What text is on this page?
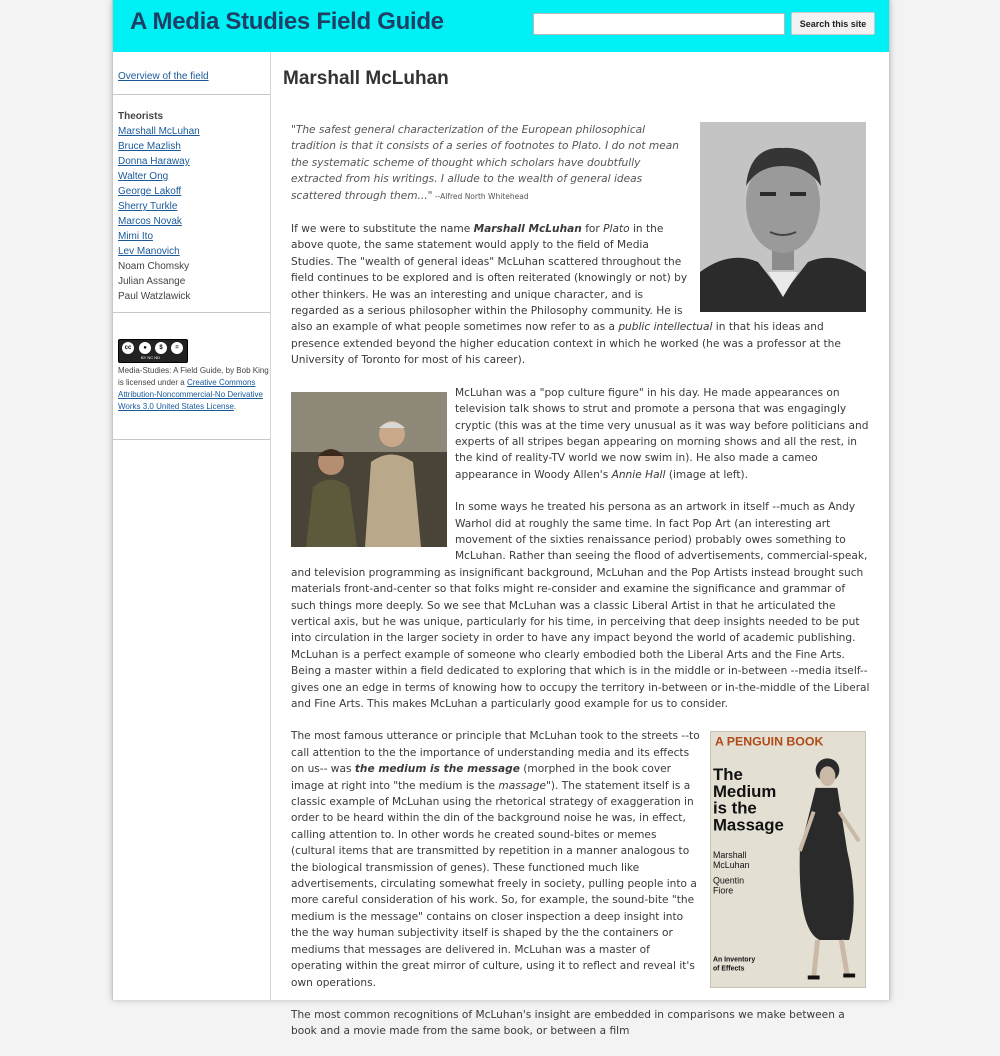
A Media Studies Field Guide	Search this site
Overview of the field
Theorists
Marshall McLuhan
Bruce Mazlish
Donna Haraway
Walter Ong
George Lakoff
Sherry Turkle
Marcos Novak
Mimi Ito
Lev Manovich
Noam Chomsky
Julian Assange
Paul Watzlawick
cc	●	$	=
BY NC ND
Media-Studies: A Field Guide, by Bob King is licensed under a Creative Commons Attribution-Noncommercial-No Derivative Works 3.0 United States License.
Marshall McLuhan

"The safest general characterization of the European philosophical tradition is that it consists of a series of footnotes to Plato. I do not mean the systematic scheme of thought which scholars have doubtfully extracted from his writings. I allude to the wealth of general ideas scattered through them..." --Alfred North Whitehead

If we were to substitute the name Marshall McLuhan for Plato in the above quote, the same statement would apply to the field of Media Studies. The "wealth of general ideas" McLuhan scattered throughout the field continues to be explored and is often reiterated (knowingly or not) by other thinkers. He was an interesting and unique character, and is regarded as a serious philosopher within the Philosophy community. He is also an example of what people sometimes now refer to as a public intellectual in that his ideas and presence extended beyond the higher education context in which he worked (he was a professor at the University of Toronto for most of his career).

McLuhan was a "pop culture figure" in his day. He made appearances on television talk shows to strut and promote a persona that was engagingly cryptic (this was at the time very unusual as it was way before politicians and experts of all stripes began appearing on morning shows and all the rest, in the kind of reality-TV world we now swim in). He also made a cameo appearance in Woody Allen's Annie Hall (image at left).

In some ways he treated his persona as an artwork in itself --much as Andy Warhol did at roughly the same time. In fact Pop Art (an interesting art movement of the sixties renaissance period) probably owes something to McLuhan. Rather than seeing the flood of advertisements, commercial-speak, and television programming as insignificant background, McLuhan and the Pop Artists instead brought such materials front-and-center so that folks might re-consider and examine the significance and grammar of such things more deeply. So we see that McLuhan was a classic Liberal Artist in that he articulated the vertical axis, but he was unique, particularly for his time, in perceiving that deep insights needed to be put into circulation in the larger society in order to have any impact beyond the world of academic publishing. McLuhan is a perfect example of someone who clearly embodied both the Liberal Arts and the Fine Arts. Being a master within a field dedicated to exploring that which is in the middle or in-between --media itself-- gives one an edge in terms of knowing how to occupy the territory in-between or in-the-middle of the Liberal and Fine Arts. This makes McLuhan a particularly good example for us to consider.

A PENGUIN BOOK
The
Medium
is the
Massage
Marshall
McLuhan
Quentin
Fiore
An Inventory
of Effects

The most famous utterance or principle that McLuhan took to the streets --to call attention to the the importance of understanding media and its effects on us-- was the medium is the message (morphed in the book cover image at right into "the medium is the massage"). The statement itself is a classic example of McLuhan using the rhetorical strategy of exaggeration in order to be heard within the din of the background noise he was, in effect, calling attention to. In other words he created sound-bites or memes (cultural items that are transmitted by repetition in a manner analogous to the biological transmission of genes). These functioned much like advertisements, circulating somewhat freely in society, pulling people into a more careful consideration of his work. So, for example, the sound-bite "the medium is the message" contains on closer inspection a deep insight into the the way human subjectivity itself is shaped by the the containers or mediums that messages are delivered in. McLuhan was a master of operating within the great mirror of culture, using it to reflect and reveal it's own operations.

The most common recognitions of McLuhan's insight are embedded in comparisons we make between a book and a movie made from the same book, or between a film
